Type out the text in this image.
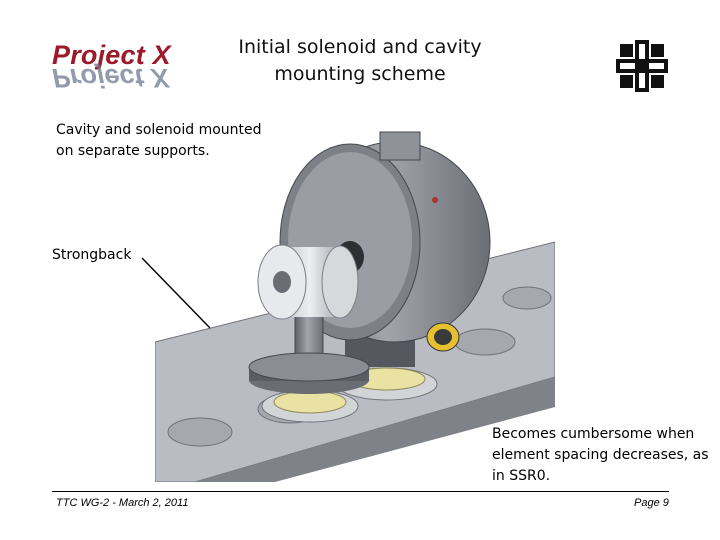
Project X
Project X
Initial solenoid and cavity
mounting scheme
Cavity and solenoid mounted
on separate supports.
Strongback
Becomes cumbersome when
element spacing decreases, as
in SSR0.
TTC WG-2 - March 2, 2011	Page 9
